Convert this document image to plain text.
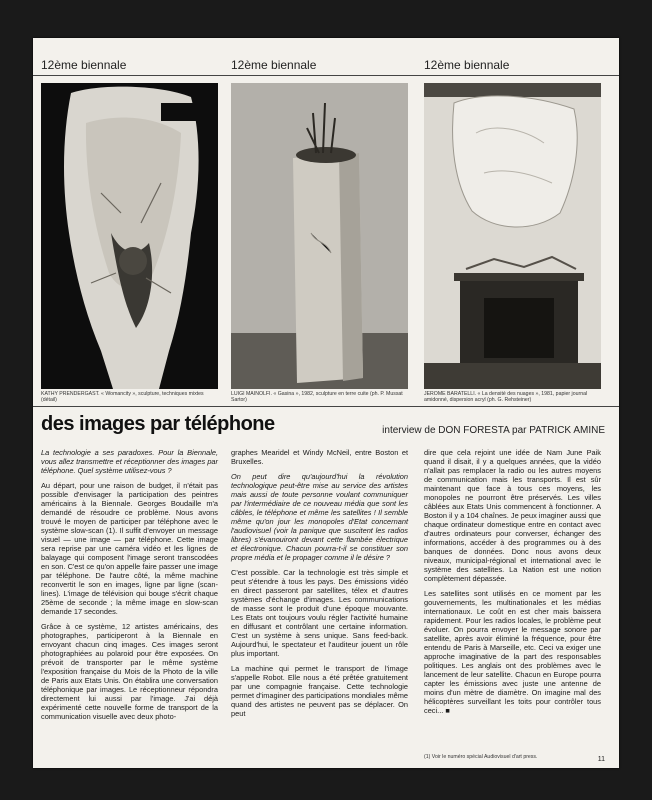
12ème biennale	12ème biennale	12ème biennale
KATHY PRENDERGAST. « Womancity », sculpture, techniques mixtes (détail)
LUIGI MAINOLFI. « Gasina », 1982, sculpture en terre cuite (ph. P. Mussat Sartor)
JEROME BARATELLI. « La densité des nuages », 1981, papier journal amidonné, dispersion acryl (ph. G. Rehsteiner)
des images par téléphone	interview de DON FORESTA par PATRICK AMINE

La technologie a ses paradoxes. Pour la Biennale, vous allez transmettre et réceptionner des images par téléphone. Quel système utilisez-vous ?

Au départ, pour une raison de budget, il n'était pas possible d'envisager la participation des peintres américains à la Biennale. Georges Boudaille m'a demandé de résoudre ce problème. Nous avons trouvé le moyen de participer par téléphone avec le système slow-scan (1). Il suffit d'envoyer un message visuel — une image — par téléphone. Cette image sera reprise par une caméra vidéo et les lignes de balayage qui composent l'image seront transcodées en son. C'est ce qu'on appelle faire passer une image par téléphone. De l'autre côté, la même machine reconvertit le son en images, ligne par ligne (scan-lines). L'image de télévision qui bouge s'écrit chaque 25ème de seconde ; la même image en slow-scan demande 17 secondes.

Grâce à ce système, 12 artistes américains, des photographes, participeront à la Biennale en envoyant chacun cinq images. Ces images seront photographiées au polaroid pour être exposées. On prévoit de transporter par le même système l'exposition française du Mois de la Photo de la ville de Paris aux Etats Unis. On établira une conversation téléphonique par images. Le réceptionneur répondra directement lui aussi par l'image. J'ai déjà expérimenté cette nouvelle forme de transport de la communication visuelle avec deux photo-

graphes Mearidel et Windy McNeil, entre Boston et Bruxelles.

On peut dire qu'aujourd'hui la révolution technologique peut-être mise au service des artistes mais aussi de toute personne voulant communiquer par l'intermédiaire de ce nouveau média que sont les câbles, le téléphone et même les satellites ! Il semble même qu'on jour les monopoles d'Etat concernant l'audiovisuel (voir la panique que suscitent les radios libres) s'évanouiront devant cette flambée électrique et électronique. Chacun pourra-t-il se constituer son propre média et le propager comme il le désire ?

C'est possible. Car la technologie est très simple et peut s'étendre à tous les pays. Des émissions vidéo en direct passeront par satellites, télex et d'autres systèmes d'échange d'images. Les communications de masse sont le produit d'une époque mouvante. Les Etats ont toujours voulu régler l'activité humaine en diffusant et contrôlant une certaine information. C'est un système à sens unique. Sans feed-back. Aujourd'hui, le spectateur et l'auditeur jouent un rôle plus important.

La machine qui permet le transport de l'image s'appelle Robot. Elle nous a été prêtée gratuitement par une compagnie française. Cette technologie permet d'imaginer des participations mondiales même quand des artistes ne peuvent pas se déplacer. On peut

dire que cela rejoint une idée de Nam June Paik quand il disait, il y a quelques années, que la vidéo n'allait pas remplacer la radio ou les autres moyens de communication mais les transports. Il est sûr maintenant que face à tous ces moyens, les monopoles ne pourront être préservés. Les villes câblées aux Etats Unis commencent à fonctionner. A Boston il y a 104 chaînes. Je peux imaginer aussi que chaque ordinateur domestique entre en contact avec d'autres ordinateurs pour converser, échanger des informations, accéder à des programmes ou à des banques de données. Donc nous avons deux niveaux, municipal-régional et international avec le système des satellites. La Nation est une notion complètement dépassée.

Les satellites sont utilisés en ce moment par les gouvernements, les multinationales et les médias internationaux. Le coût en est cher mais baissera rapidement. Pour les radios locales, le problème peut évoluer. On pourra envoyer le message sonore par satellite, après avoir éliminé la fréquence, pour être entendu de Paris à Marseille, etc. Ceci va exiger une approche imaginative de la part des responsables politiques. Les anglais ont des problèmes avec le lancement de leur satellite. Chacun en Europe pourra capter les émissions avec juste une antenne de moins d'un mètre de diamètre. On imagine mal des hélicoptères surveillant les toits pour contrôler tous ceci... ■

(1) Voir le numéro spécial Audiovisuel d'art press.	11
